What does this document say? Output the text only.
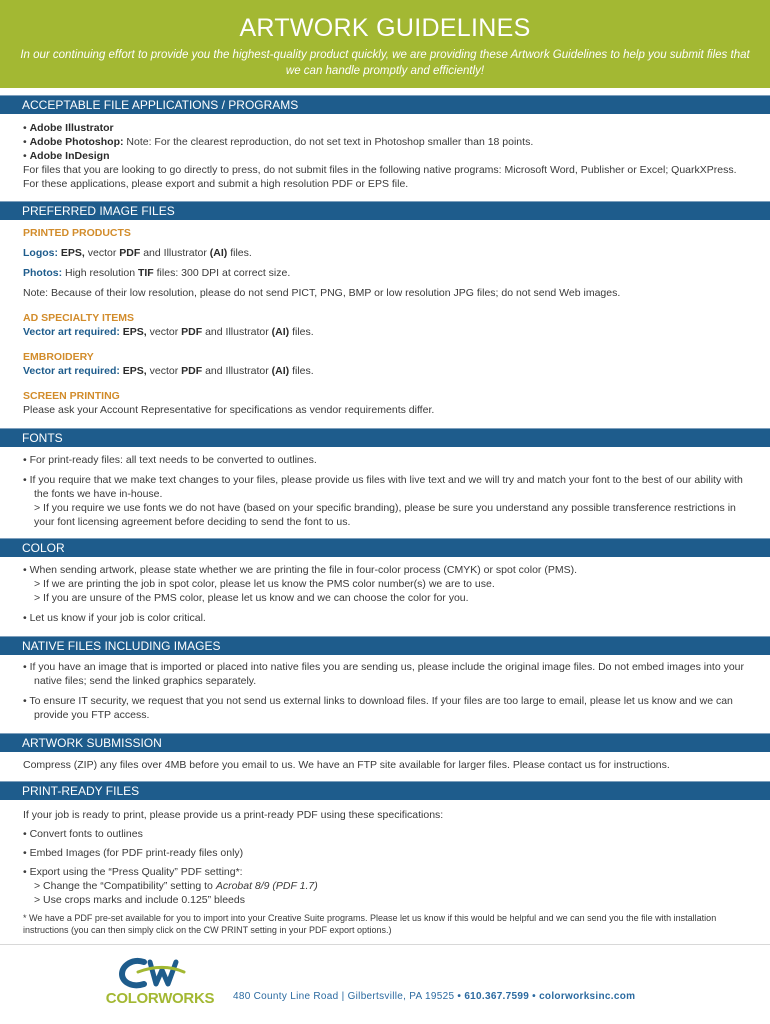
ARTWORK GUIDELINES
In our continuing effort to provide you the highest-quality product quickly, we are providing these Artwork Guidelines to help you submit files that we can handle promptly and efficiently!
ACCEPTABLE FILE APPLICATIONS / PROGRAMS
• Adobe Illustrator
• Adobe Photoshop: Note: For the clearest reproduction, do not set text in Photoshop smaller than 18 points.
• Adobe InDesign
For files that you are looking to go directly to press, do not submit files in the following native programs: Microsoft Word, Publisher or Excel; QuarkXPress. For these applications, please export and submit a high resolution PDF or EPS file.
PREFERRED IMAGE FILES
PRINTED PRODUCTS
Logos: EPS, vector PDF and Illustrator (AI) files.
Photos: High resolution TIF files: 300 DPI at correct size.
Note: Because of their low resolution, please do not send PICT, PNG, BMP or low resolution JPG files; do not send Web images.
AD SPECIALTY ITEMS
Vector art required: EPS, vector PDF and Illustrator (AI) files.
EMBROIDERY
Vector art required: EPS, vector PDF and Illustrator (AI) files.
SCREEN PRINTING
Please ask your Account Representative for specifications as vendor requirements differ.
FONTS
• For print-ready files: all text needs to be converted to outlines.
• If you require that we make text changes to your files, please provide us files with live text and we will try and match your font to the best of our ability with the fonts we have in-house.
> If you require we use fonts we do not have (based on your specific branding), please be sure you understand any possible transference restrictions in your font licensing agreement before deciding to send the font to us.
COLOR
• When sending artwork, please state whether we are printing the file in four-color process (CMYK) or spot color (PMS).
> If we are printing the job in spot color, please let us know the PMS color number(s) we are to use.
> If you are unsure of the PMS color, please let us know and we can choose the color for you.
• Let us know if your job is color critical.
NATIVE FILES INCLUDING IMAGES
• If you have an image that is imported or placed into native files you are sending us, please include the original image files. Do not embed images into your native files; send the linked graphics separately.
• To ensure IT security, we request that you not send us external links to download files. If your files are too large to email, please let us know and we can provide you FTP access.
ARTWORK SUBMISSION
Compress (ZIP) any files over 4MB before you email to us. We have an FTP site available for larger files. Please contact us for instructions.
PRINT-READY FILES
If your job is ready to print, please provide us a print-ready PDF using these specifications:
• Convert fonts to outlines
• Embed Images (for PDF print-ready files only)
• Export using the “Press Quality” PDF setting*:
> Change the “Compatibility” setting to Acrobat 8/9 (PDF 1.7)
> Use crops marks and include 0.125” bleeds
* We have a PDF pre-set available for you to import into your Creative Suite programs. Please let us know if this would be helpful and we can send you the file with installation instructions (you can then simply click on the CW PRINT setting in your PDF export options.)
COLORWORKS 480 County Line Road | Gilbertsville, PA 19525 • 610.367.7599 • colorworksinc.com
